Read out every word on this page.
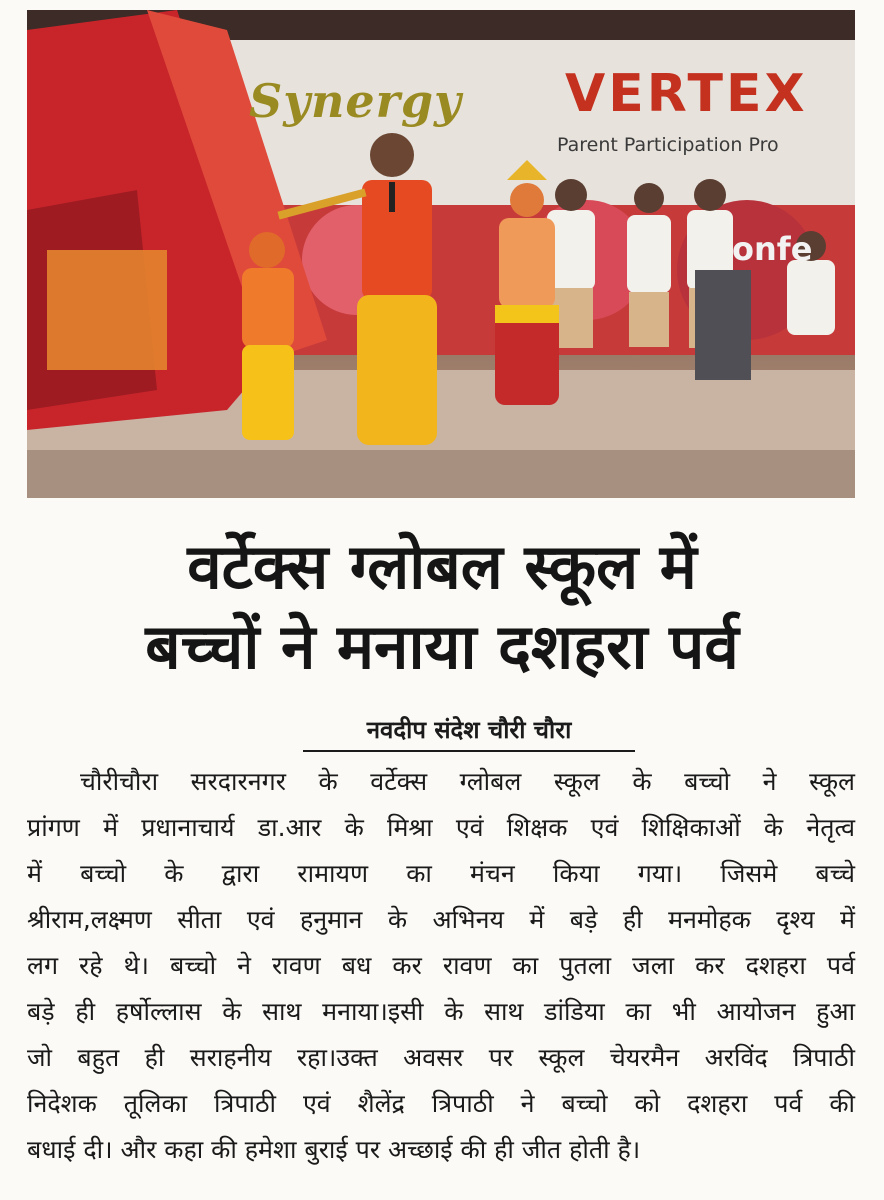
Synergy VERTEX
Parent Participation Pro
onfe
वर्टेक्स ग्लोबल स्कूल में
बच्चों ने मनाया दशहरा पर्व
नवदीप संदेश चौरी चौरा
चौरीचौरा सरदारनगर के वर्टेक्स ग्लोबल स्कूल के बच्चो ने स्कूल
प्रांगण में प्रधानाचार्य डा.आर के मिश्रा एवं शिक्षक एवं शिक्षिकाओं के नेतृत्व
में बच्चो के द्वारा रामायण का मंचन किया गया। जिसमे बच्चे
श्रीराम,लक्ष्मण सीता एवं हनुमान के अभिनय में बड़े ही मनमोहक दृश्य में
लग रहे थे। बच्चो ने रावण बध कर रावण का पुतला जला कर दशहरा पर्व
बड़े ही हर्षोल्लास के साथ मनाया।इसी के साथ डांडिया का भी आयोजन हुआ
जो बहुत ही सराहनीय रहा।उक्त अवसर पर स्कूल चेयरमैन अरविंद त्रिपाठी
निदेशक तूलिका त्रिपाठी एवं शैलेंद्र त्रिपाठी ने बच्चो को दशहरा पर्व की
बधाई दी। और कहा की हमेशा बुराई पर अच्छाई की ही जीत होती है।
